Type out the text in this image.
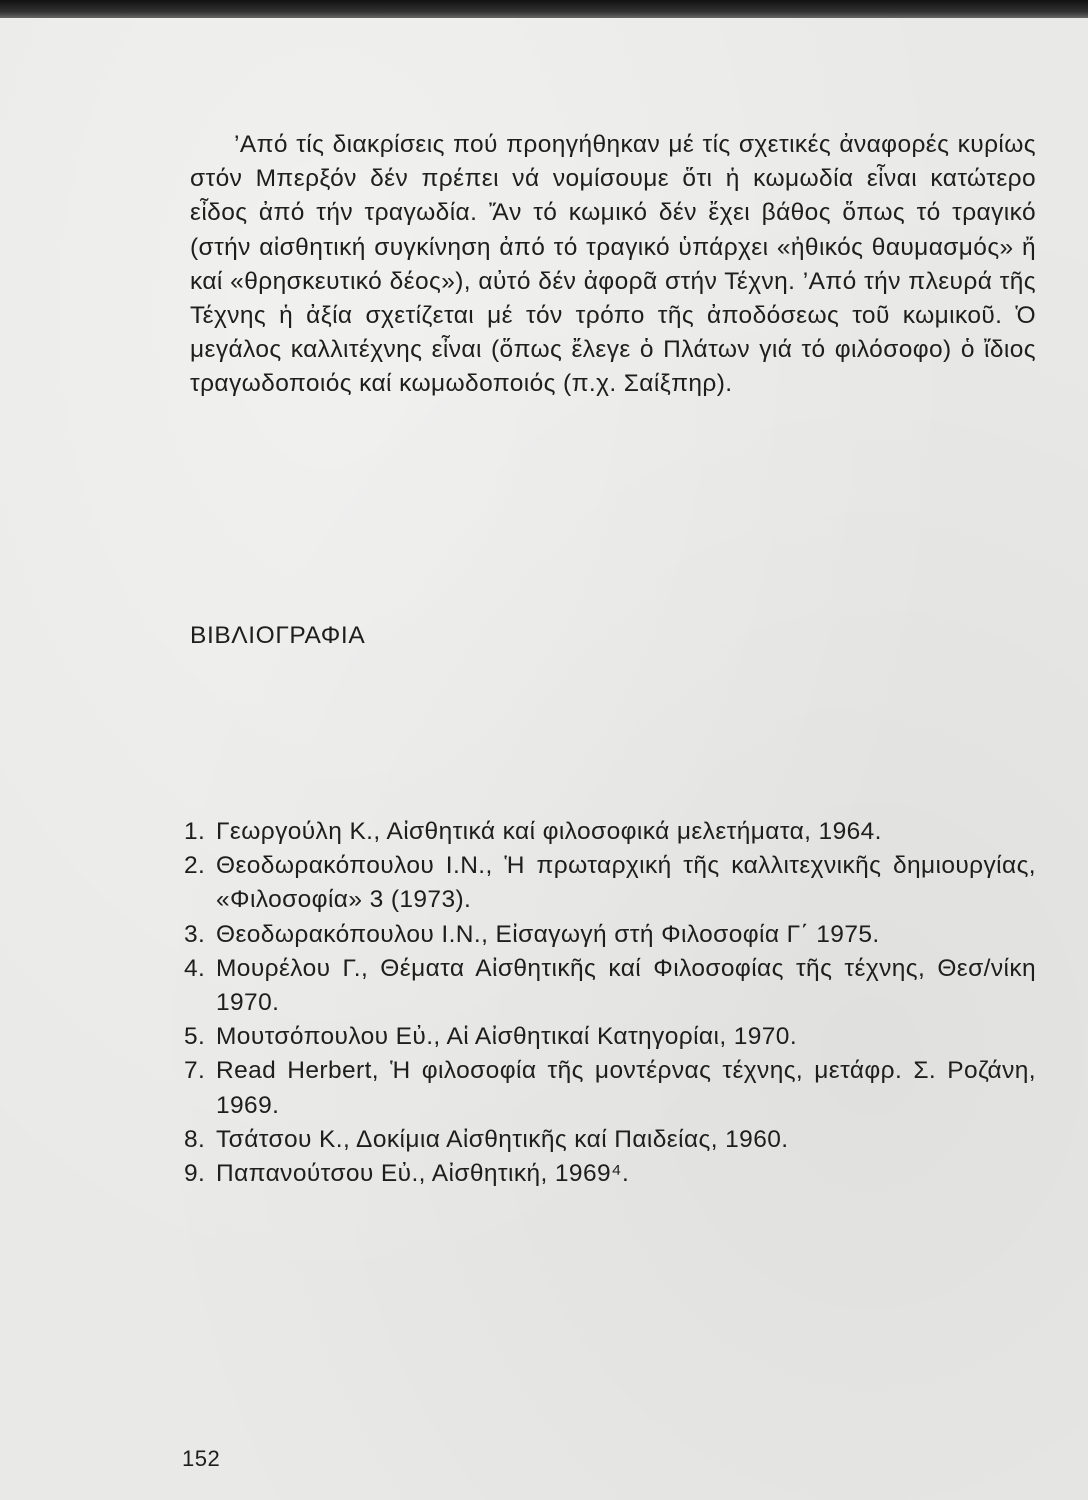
’Από τίς διακρίσεις πού προηγήθηκαν μέ τίς σχετικές ἀναφορές κυρίως στόν Μπερξόν δέν πρέπει νά νομίσουμε ὅτι ἡ κωμωδία εἶναι κατώτερο εἶδος ἀπό τήν τραγωδία. Ἄν τό κωμικό δέν ἔχει βάθος ὅπως τό τραγικό (στήν αἰσθητική συγκίνηση ἀπό τό τραγικό ὑπάρχει «ἠθικός θαυμασμός» ἤ καί «θρησκευτικό δέος»), αὐτό δέν ἀφορᾶ στήν Τέχνη. ’Από τήν πλευρά τῆς Τέχνης ἡ ἀξία σχετίζεται μέ τόν τρόπο τῆς ἀποδόσεως τοῦ κωμικοῦ. Ὁ μεγάλος καλλιτέχνης εἶναι (ὅπως ἔλεγε ὁ Πλάτων γιά τό φιλόσοφο) ὁ ἴδιος τραγωδοποιός καί κωμωδοποιός (π.χ. Σαίξπηρ).

ΒΙΒΛΙΟΓΡΑΦΙΑ
1. Γεωργούλη Κ., Αἰσθητικά καί φιλοσοφικά μελετήματα, 1964.
2. Θεοδωρακόπουλου Ι.Ν., Ἡ πρωταρχική τῆς καλλιτεχνικῆς δημιουργίας, «Φιλοσοφία» 3 (1973).
3. Θεοδωρακόπουλου Ι.Ν., Εἰσαγωγή στή Φιλοσοφία Γ΄ 1975.
4. Μουρέλου Γ., Θέματα Αἰσθητικῆς καί Φιλοσοφίας τῆς τέχνης, Θεσ/νίκη 1970.
5. Μουτσόπουλου Εὐ., Αἱ Αἰσθητικαί Κατηγορίαι, 1970.
7. Read Herbert, Ἡ φιλοσοφία τῆς μοντέρνας τέχνης, μετάφρ. Σ. Ροζάνη, 1969.
8. Τσάτσου Κ., Δοκίμια Αἰσθητικῆς καί Παιδείας, 1960.
9. Παπανούτσου Εὐ., Αἰσθητική, 1969⁴.

152
